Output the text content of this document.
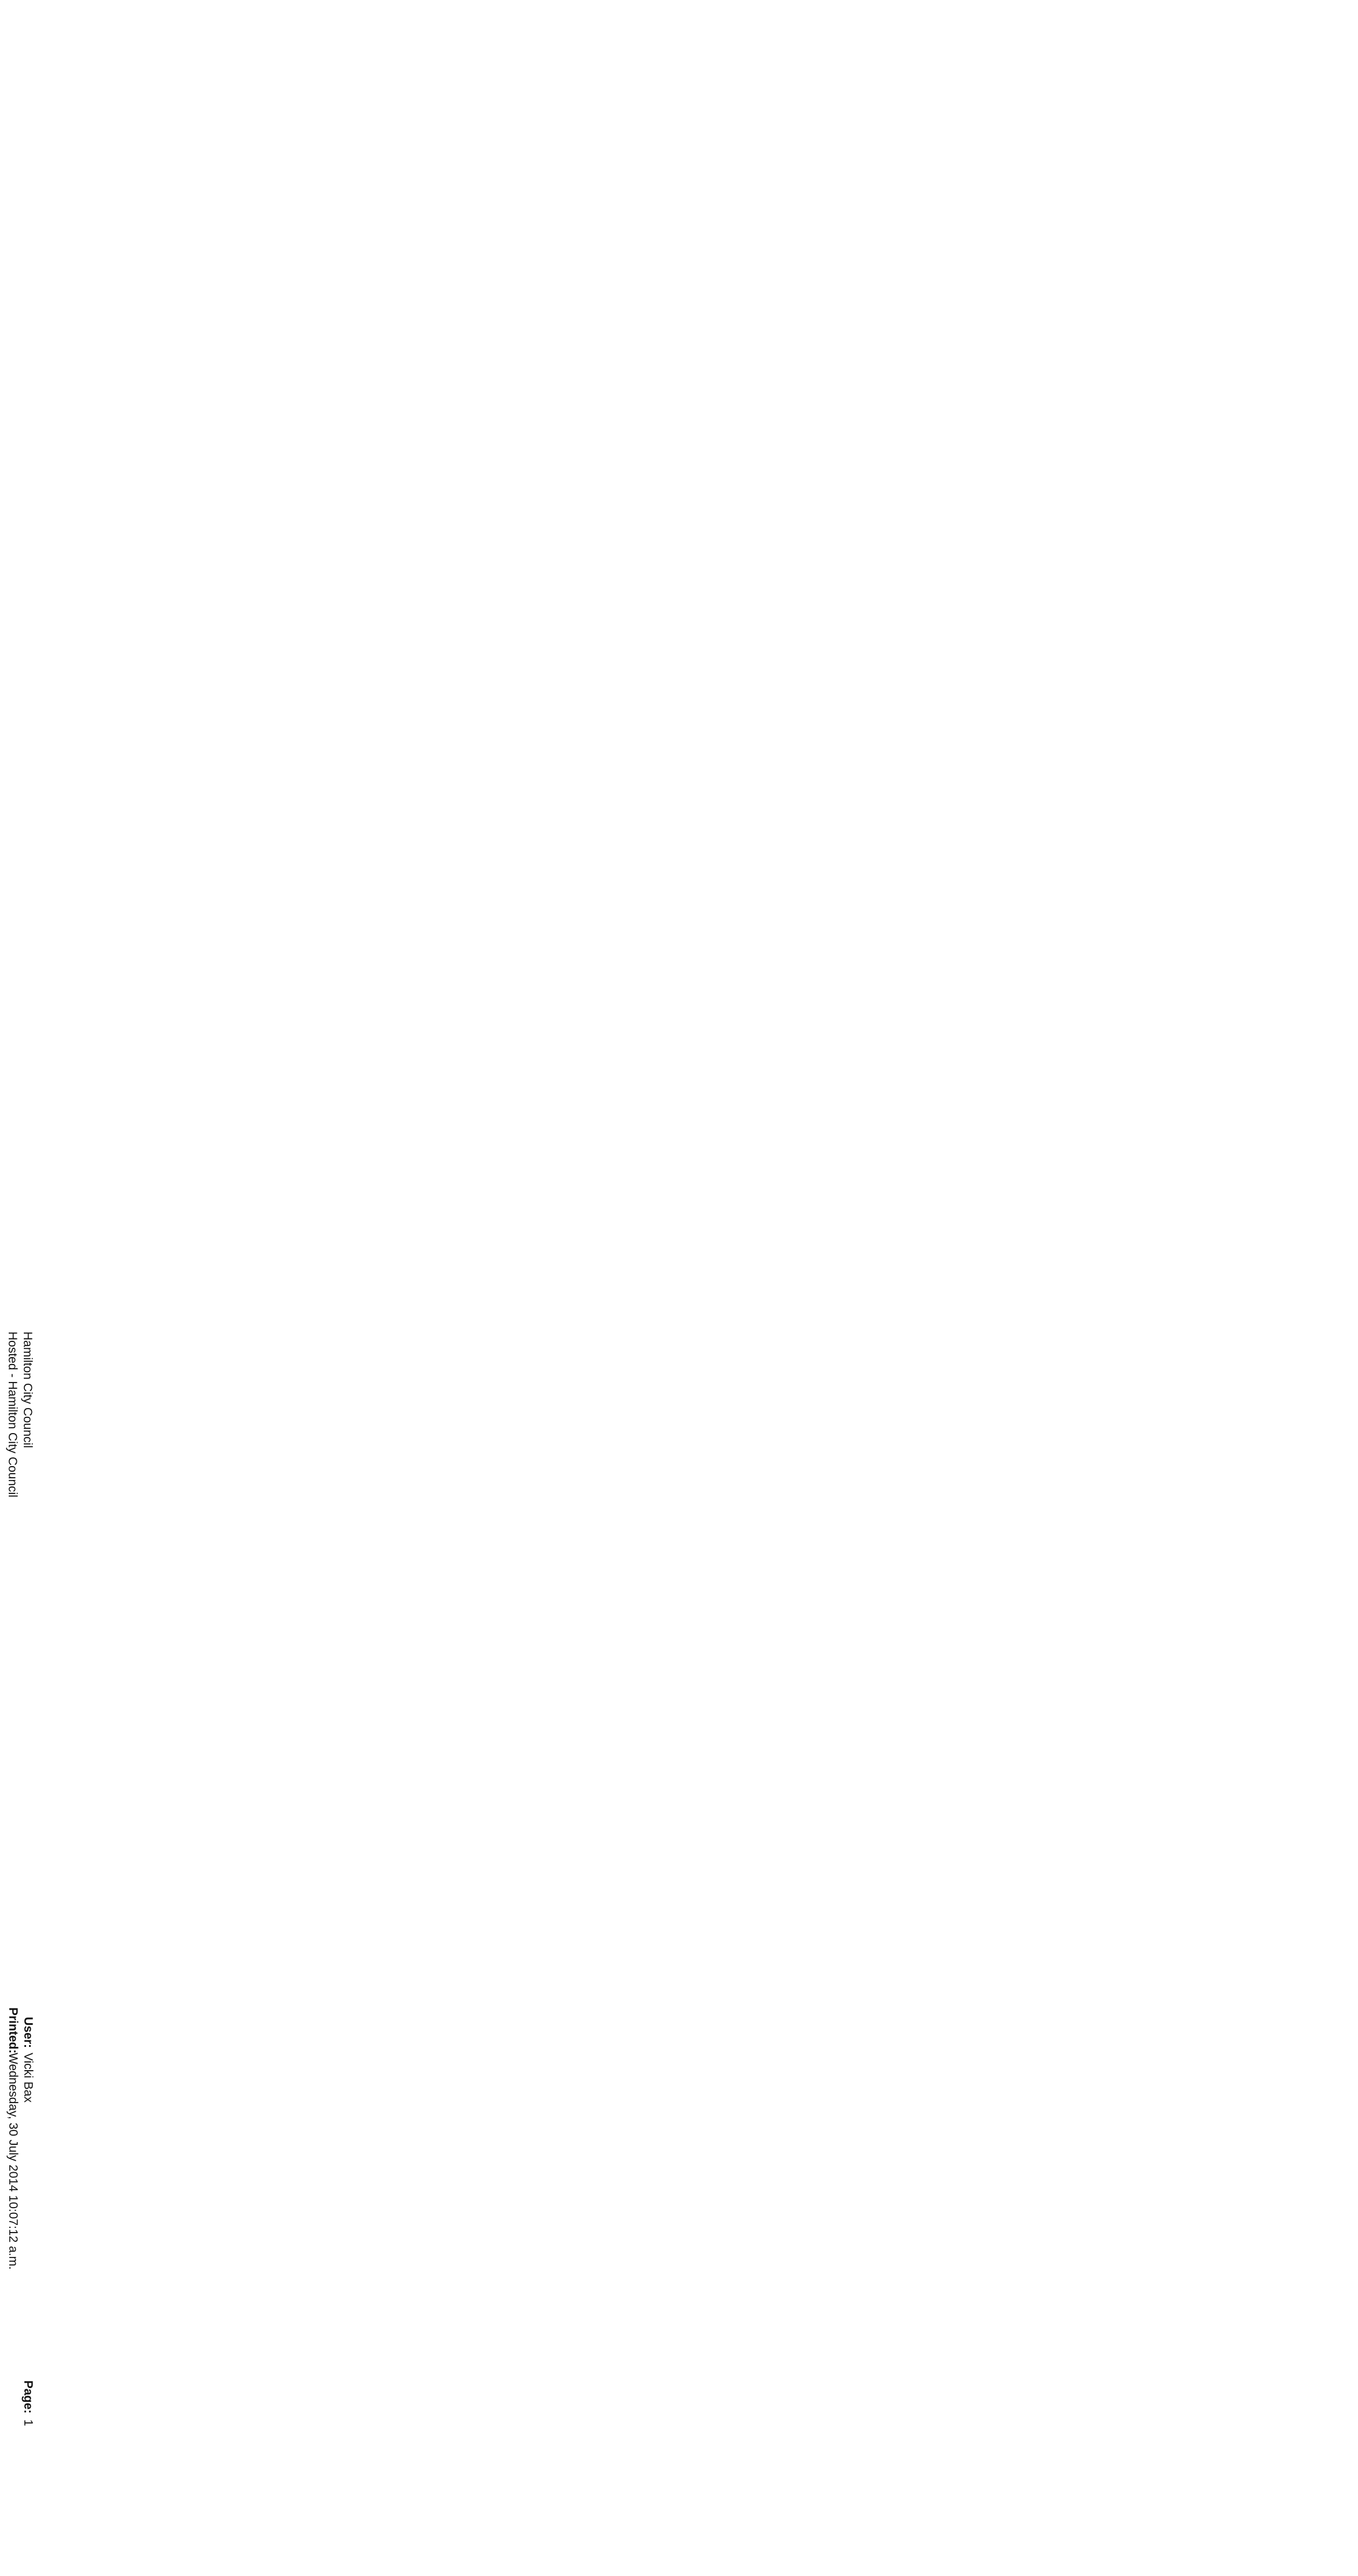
Hamilton City Council
Hosted - Hamilton City Council
User:
Vicki Bax
Printed:
Wednesday, 30 July 2014 10:07:12 a.m.
Page:
1
